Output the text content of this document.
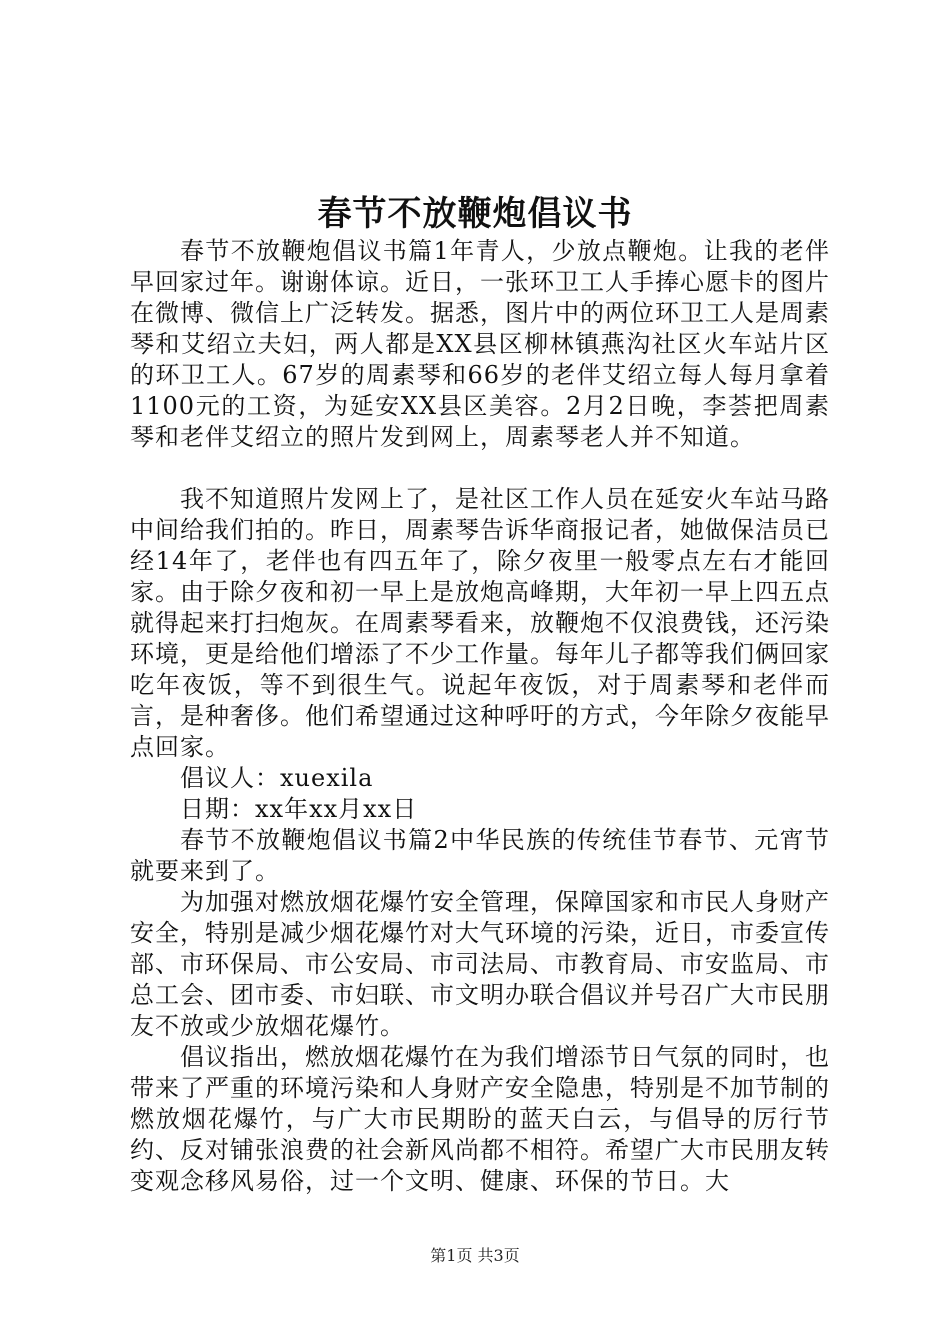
春节不放鞭炮倡议书

春节不放鞭炮倡议书篇1年青人，少放点鞭炮。让我的老伴早回家过年。谢谢体谅。近日，一张环卫工人手捧心愿卡的图片在微博、微信上广泛转发。据悉，图片中的两位环卫工人是周素琴和艾绍立夫妇，两人都是XX县区柳林镇燕沟社区火车站片区的环卫工人。67岁的周素琴和66岁的老伴艾绍立每人每月拿着1100元的工资，为延安XX县区美容。2月2日晚，李荟把周素琴和老伴艾绍立的照片发到网上，周素琴老人并不知道。

我不知道照片发网上了，是社区工作人员在延安火车站马路中间给我们拍的。昨日，周素琴告诉华商报记者，她做保洁员已经14年了，老伴也有四五年了，除夕夜里一般零点左右才能回家。由于除夕夜和初一早上是放炮高峰期，大年初一早上四五点就得起来打扫炮灰。在周素琴看来，放鞭炮不仅浪费钱，还污染环境，更是给他们增添了不少工作量。每年儿子都等我们俩回家吃年夜饭，等不到很生气。说起年夜饭，对于周素琴和老伴而言，是种奢侈。他们希望通过这种呼吁的方式，今年除夕夜能早点回家。

倡议人：xuexila

日期：xx年xx月xx日

春节不放鞭炮倡议书篇2中华民族的传统佳节春节、元宵节就要来到了。

为加强对燃放烟花爆竹安全管理，保障国家和市民人身财产安全，特别是减少烟花爆竹对大气环境的污染，近日，市委宣传部、市环保局、市公安局、市司法局、市教育局、市安监局、市总工会、团市委、市妇联、市文明办联合倡议并号召广大市民朋友不放或少放烟花爆竹。

倡议指出，燃放烟花爆竹在为我们增添节日气氛的同时，也带来了严重的环境污染和人身财产安全隐患，特别是不加节制的燃放烟花爆竹，与广大市民期盼的蓝天白云，与倡导的厉行节约、反对铺张浪费的社会新风尚都不相符。希望广大市民朋友转变观念移风易俗，过一个文明、健康、环保的节日。大

第1页 共3页
